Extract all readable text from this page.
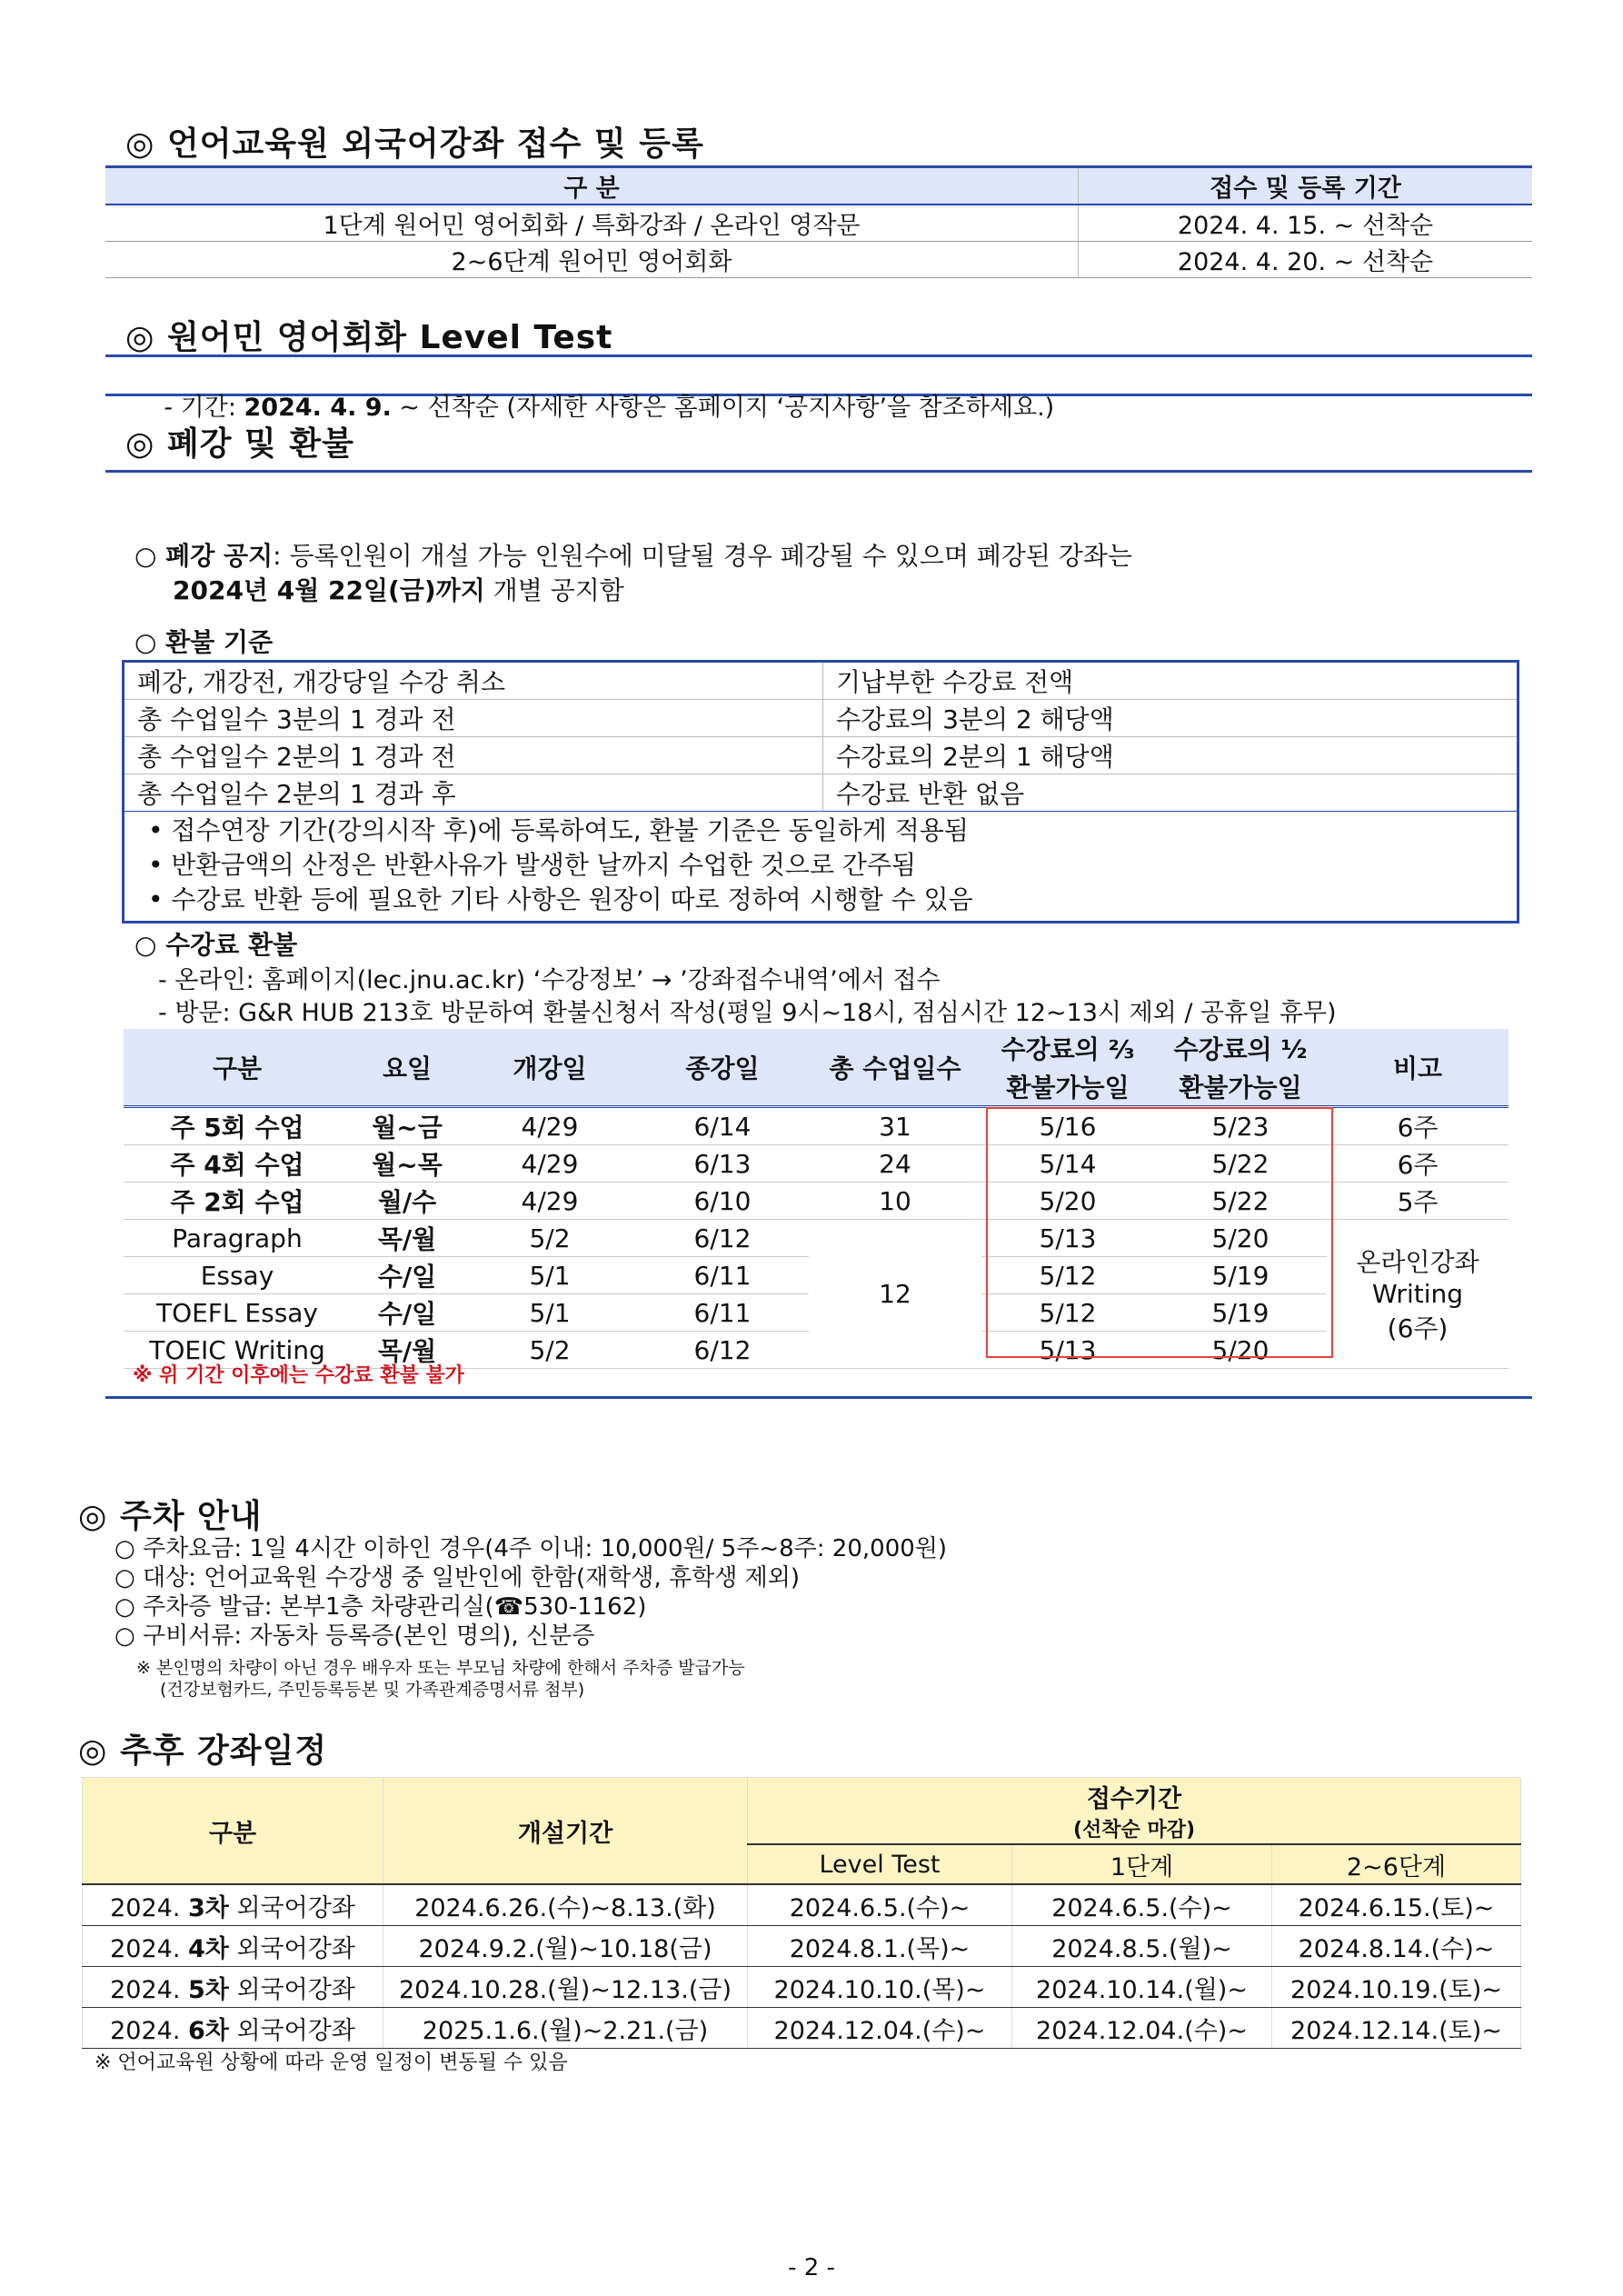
◎ 언어교육원 외국어강좌 접수 및 등록
구 분	접수 및 등록 기간
1단계 원어민 영어회화 / 특화강좌 / 온라인 영작문	2024. 4. 15. ~ 선착순
2~6단계 원어민 영어회화	2024. 4. 20. ~ 선착순
◎ 원어민 영어회화 Level Test

- 기간: 2024. 4. 9. ~ 선착순 (자세한 사항은 홈페이지 ‘공지사항’을 참조하세요.)

◎ 폐강 및 환불
○ 폐강 공지: 등록인원이 개설 가능 인원수에 미달될 경우 폐강될 수 있으며 폐강된 강좌는
2024년 4월 22일(금)까지 개별 공지함
○ 환불 기준
폐강, 개강전, 개강당일 수강 취소	기납부한 수강료 전액
총 수업일수 3분의 1 경과 전	수강료의 3분의 2 해당액
총 수업일수 2분의 1 경과 전	수강료의 2분의 1 해당액
총 수업일수 2분의 1 경과 후	수강료 반환 없음
• 접수연장 기간(강의시작 후)에 등록하여도, 환불 기준은 동일하게 적용됨
• 반환금액의 산정은 반환사유가 발생한 날까지 수업한 것으로 간주됨
• 수강료 반환 등에 필요한 기타 사항은 원장이 따로 정하여 시행할 수 있음
○ 수강료 환불
- 온라인: 홈페이지(lec.jnu.ac.kr) ‘수강정보’ → ’강좌접수내역’에서 접수
- 방문: G&R HUB 213호 방문하여 환불신청서 작성(평일 9시~18시, 점심시간 12~13시 제외 / 공휴일 휴무)
구분	요일	개강일	종강일	총 수업일수	수강료의 ⅔	수강료의 ½	비고
					환불가능일	환불가능일	
주 5회 수업	월~금	4/29	6/14	31	5/16	5/23	6주
주 4회 수업	월~목	4/29	6/13	24	5/14	5/22	6주
주 2회 수업	월/수	4/29	6/10	10	5/20	5/22	5주
Paragraph	목/월	5/2	6/12	12	5/13	5/20	온라인강좌
Writing
(6주)

Essay	수/일	5/1	6/11		5/12	5/19	
TOEFL Essay	수/일	5/1	6/11		5/12	5/19	
TOEIC Writing	목/월	5/2	6/12		5/13	5/20	
※ 위 기간 이후에는 수강료 환불 불가
◎ 주차 안내
○ 주차요금: 1일 4시간 이하인 경우(4주 이내: 10,000원/ 5주~8주: 20,000원)
○ 대상: 언어교육원 수강생 중 일반인에 한함(재학생, 휴학생 제외)
○ 주차증 발급: 본부1층 차량관리실(☎530-1162)
○ 구비서류: 자동차 등록증(본인 명의), 신분증
※ 본인명의 차량이 아닌 경우 배우자 또는 부모님 차량에 한해서 주차증 발급가능
(건강보험카드, 주민등록등본 및 가족관계증명서류 첨부)
◎ 추후 강좌일정
구분	개설기간	접수기간
(선착순 마감)		

		Level Test	1단계	2~6단계
2024. 3차 외국어강좌	2024.6.26.(수)~8.13.(화)	2024.6.5.(수)~	2024.6.5.(수)~	2024.6.15.(토)~
2024. 4차 외국어강좌	2024.9.2.(월)~10.18(금)	2024.8.1.(목)~	2024.8.5.(월)~	2024.8.14.(수)~
2024. 5차 외국어강좌	2024.10.28.(월)~12.13.(금)	2024.10.10.(목)~	2024.10.14.(월)~	2024.10.19.(토)~
2024. 6차 외국어강좌	2025.1.6.(월)~2.21.(금)	2024.12.04.(수)~	2024.12.04.(수)~	2024.12.14.(토)~
※ 언어교육원 상황에 따라 운영 일정이 변동될 수 있음
- 2 -
